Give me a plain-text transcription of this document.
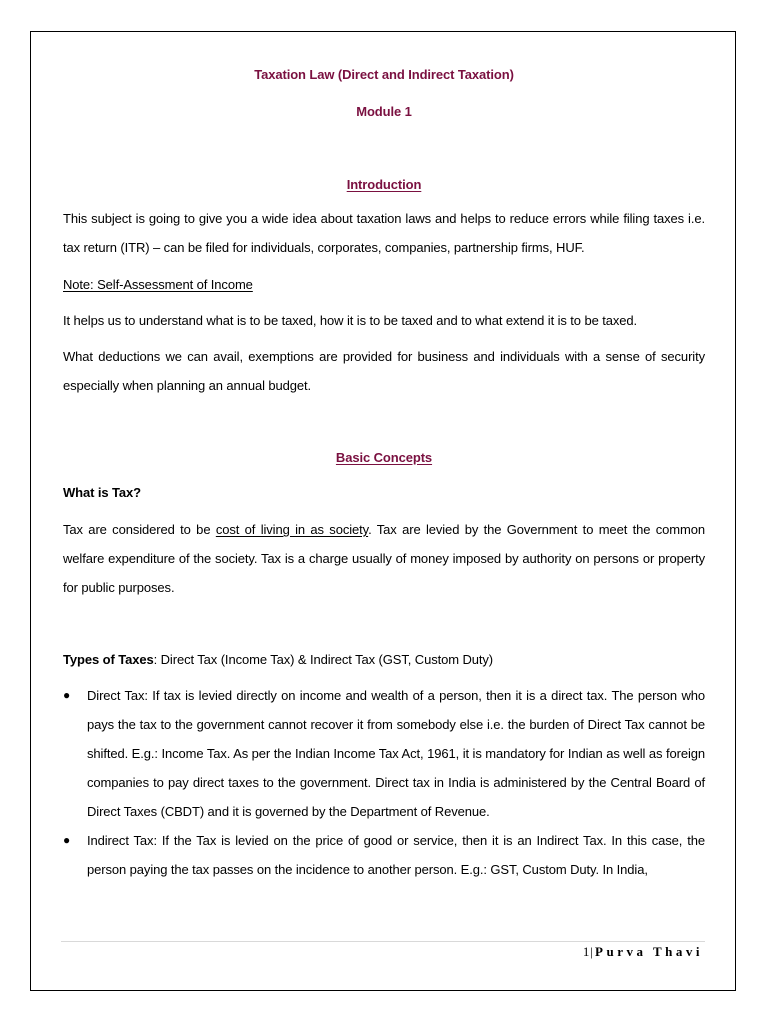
Taxation Law (Direct and Indirect Taxation)
Module 1
Introduction

This subject is going to give you a wide idea about taxation laws and helps to reduce errors while filing taxes i.e. tax return (ITR) – can be filed for individuals, corporates, companies, partnership firms, HUF.

Note: Self-Assessment of Income

It helps us to understand what is to be taxed, how it is to be taxed and to what extend it is to be taxed.

What deductions we can avail, exemptions are provided for business and individuals with a sense of security especially when planning an annual budget.

Basic Concepts

What is Tax?

Tax are considered to be cost of living in as society. Tax are levied by the Government to meet the common welfare expenditure of the society. Tax is a charge usually of money imposed by authority on persons or property for public purposes.

Types of Taxes: Direct Tax (Income Tax) & Indirect Tax (GST, Custom Duty)

● Direct Tax: If tax is levied directly on income and wealth of a person, then it is a direct tax. The person who pays the tax to the government cannot recover it from somebody else i.e. the burden of Direct Tax cannot be shifted. E.g.: Income Tax. As per the Indian Income Tax Act, 1961, it is mandatory for Indian as well as foreign companies to pay direct taxes to the government. Direct tax in India is administered by the Central Board of Direct Taxes (CBDT) and it is governed by the Department of Revenue.
● Indirect Tax: If the Tax is levied on the price of good or service, then it is an Indirect Tax. In this case, the person paying the tax passes on the incidence to another person. E.g.: GST, Custom Duty. In India,
1| Purva Thavi
